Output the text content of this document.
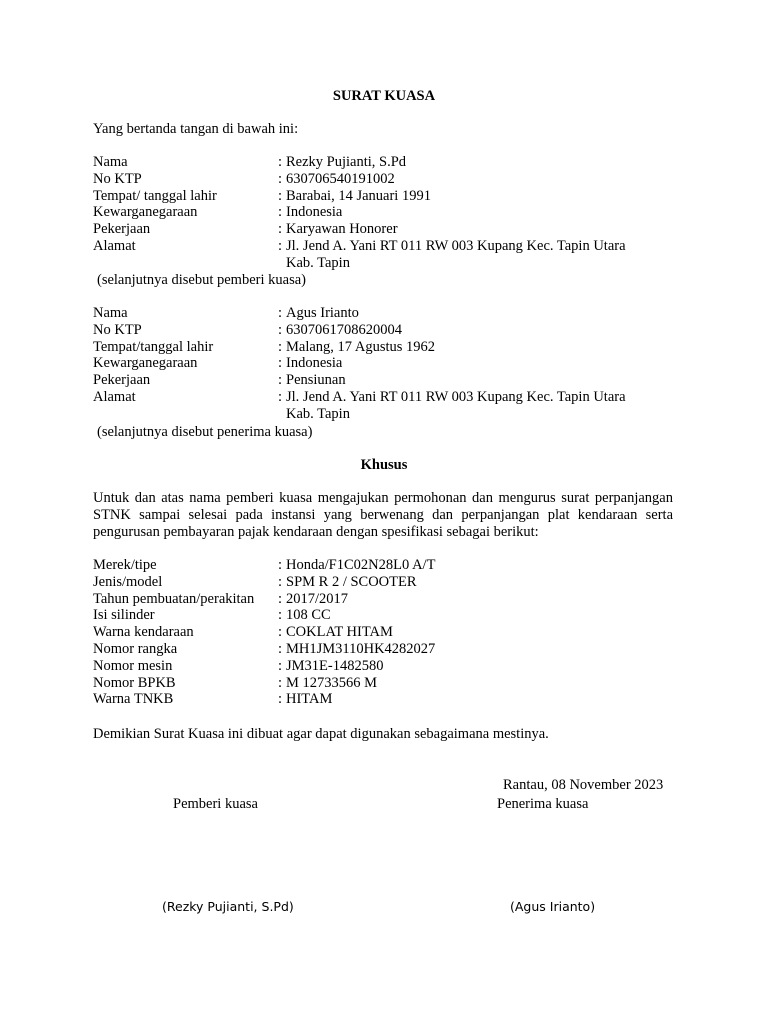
SURAT KUASA
Yang bertanda tangan di bawah ini:
Nama	: Rezky Pujianti, S.Pd
No KTP	: 630706540191002
Tempat/ tanggal lahir	: Barabai, 14 Januari 1991
Kewarganegaraan	: Indonesia
Pekerjaan	: Karyawan Honorer
Alamat	: Jl. Jend A. Yani RT 011 RW 003 Kupang Kec. Tapin Utara
Kab. Tapin
(selanjutnya disebut pemberi kuasa)
Nama	: Agus Irianto
No KTP	: 6307061708620004
Tempat/tanggal lahir	: Malang, 17 Agustus 1962
Kewarganegaraan	: Indonesia
Pekerjaan	: Pensiunan
Alamat	: Jl. Jend A. Yani RT 011 RW 003 Kupang Kec. Tapin Utara
Kab. Tapin
(selanjutnya disebut penerima kuasa)
Khusus
Untuk dan atas nama pemberi kuasa mengajukan permohonan dan mengurus surat perpanjangan STNK sampai selesai pada instansi yang berwenang dan perpanjangan plat kendaraan serta pengurusan pembayaran pajak kendaraan dengan spesifikasi sebagai berikut:
Merek/tipe	: Honda/F1C02N28L0 A/T
Jenis/model	: SPM R 2 / SCOOTER
Tahun pembuatan/perakitan	: 2017/2017
Isi silinder	: 108 CC
Warna kendaraan	: COKLAT HITAM
Nomor rangka	: MH1JM3110HK4282027
Nomor mesin	: JM31E-1482580
Nomor BPKB	: M 12733566 M
Warna TNKB	: HITAM
Demikian Surat Kuasa ini dibuat agar dapat digunakan sebagaimana mestinya.
Rantau, 08 November 2023
Pemberi kuasa	Penerima kuasa
(Rezky Pujianti, S.Pd)	(Agus Irianto)
